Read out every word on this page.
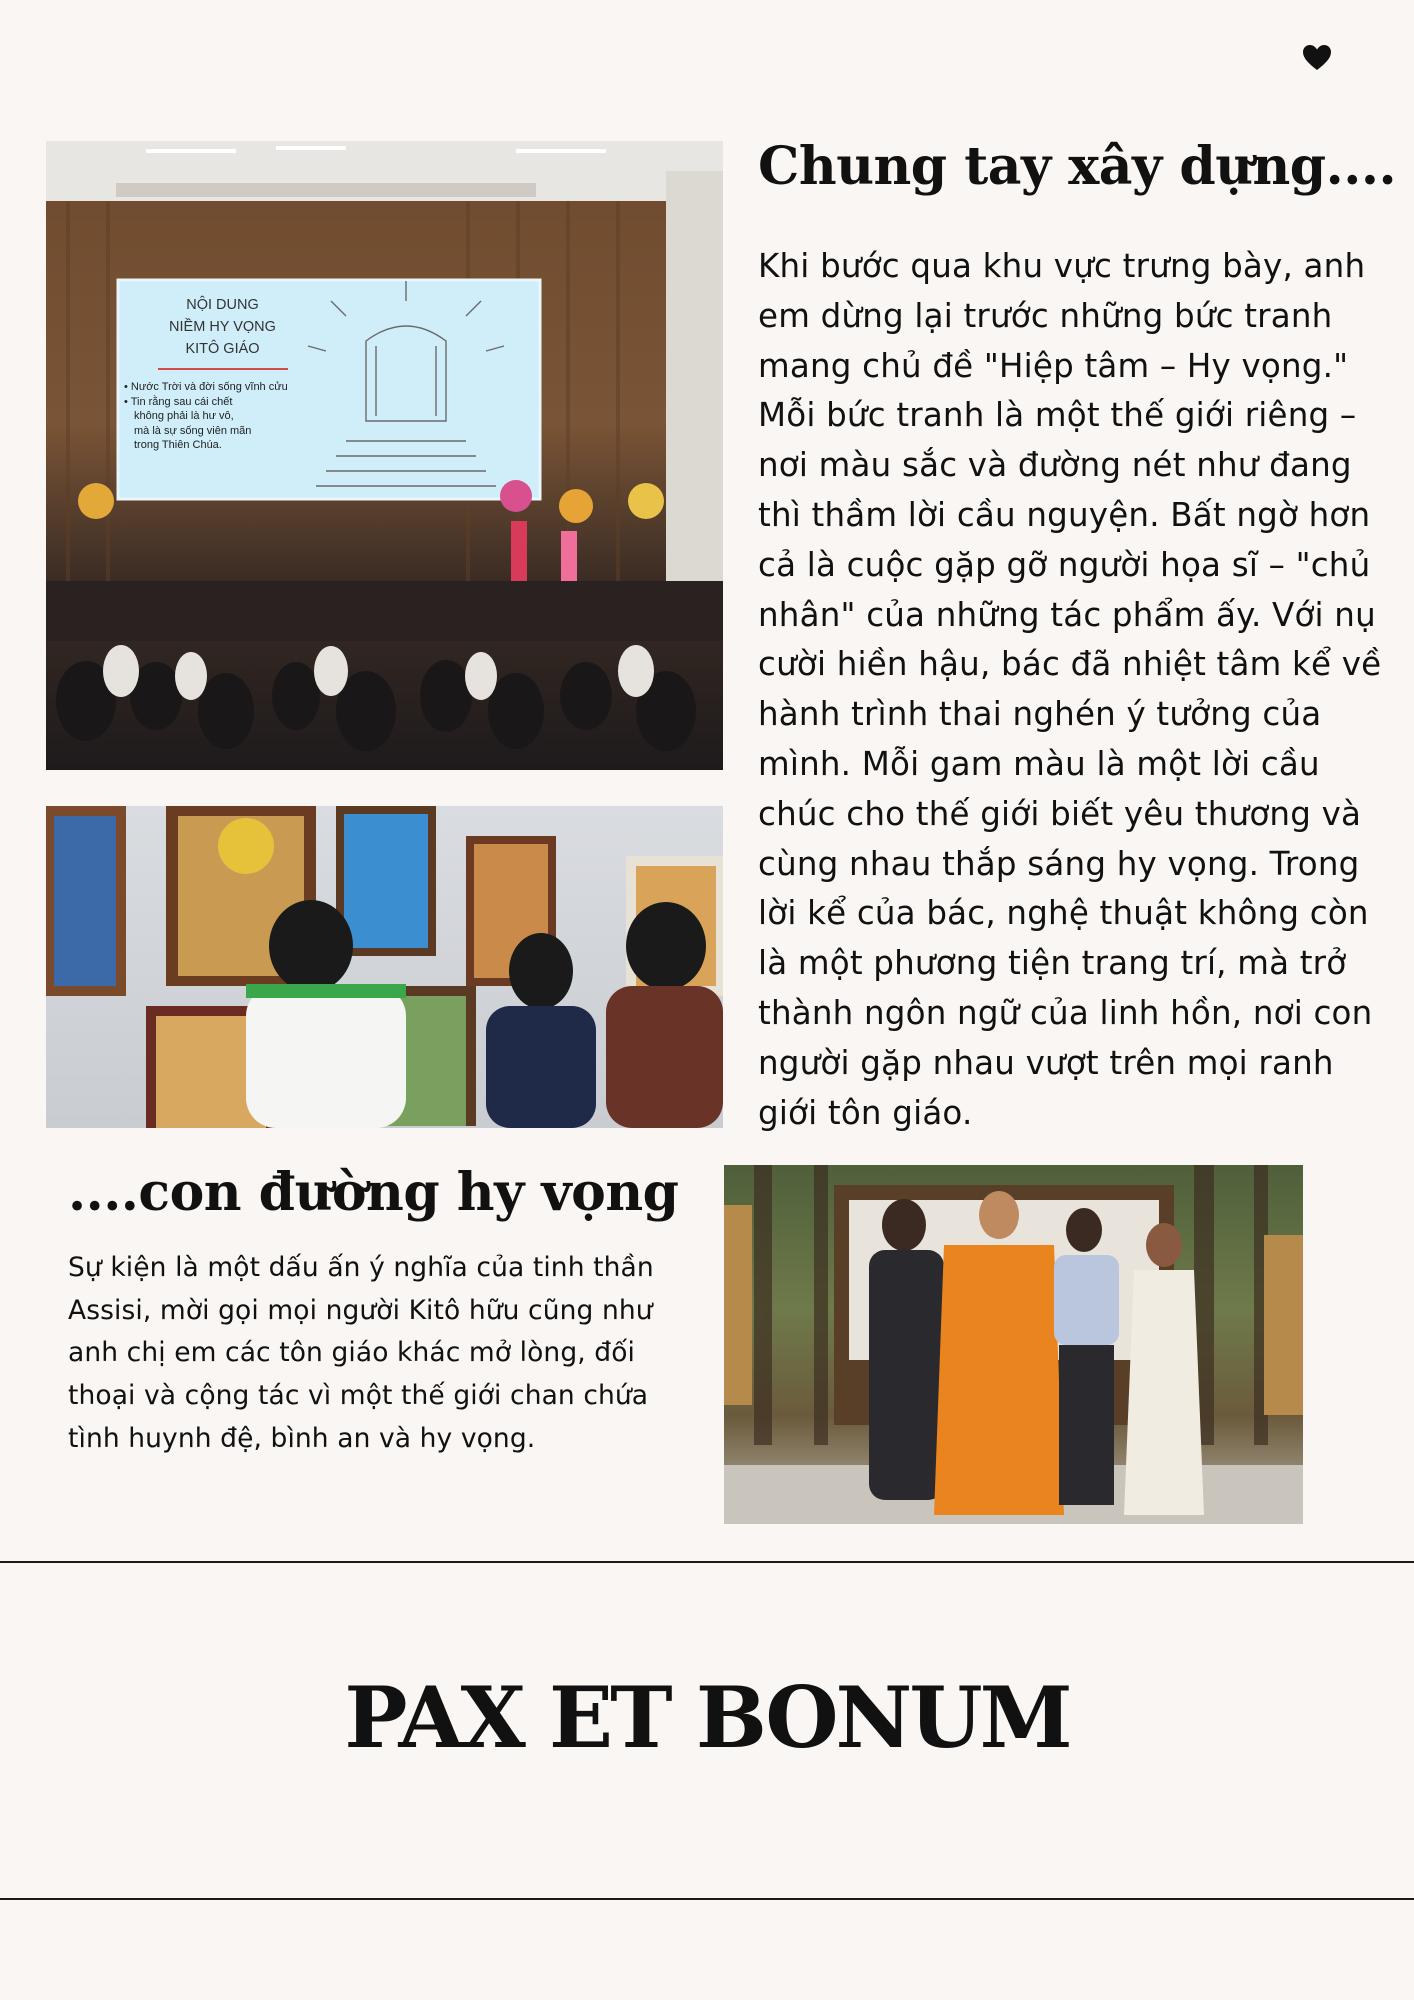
NỘI DUNG
NIỀM HY VỌNG
KITÔ GIÁO
• Nước Trời và đời sống vĩnh cửu
• Tin rằng sau cái chết
không phải là hư vô,
mà là sự sống viên mãn
trong Thiên Chúa.
Chung tay xây dựng....
Khi bước qua khu vực trưng bày, anh em dừng lại trước những bức tranh mang chủ đề "Hiệp tâm – Hy vọng." Mỗi bức tranh là một thế giới riêng – nơi màu sắc và đường nét như đang thì thầm lời cầu nguyện. Bất ngờ hơn cả là cuộc gặp gỡ người họa sĩ – "chủ nhân" của những tác phẩm ấy. Với nụ cười hiền hậu, bác đã nhiệt tâm kể về hành trình thai nghén ý tưởng của mình. Mỗi gam màu là một lời cầu chúc cho thế giới biết yêu thương và cùng nhau thắp sáng hy vọng. Trong lời kể của bác, nghệ thuật không còn là một phương tiện trang trí, mà trở thành ngôn ngữ của linh hồn, nơi con người gặp nhau vượt trên mọi ranh giới tôn giáo.
....con đường hy vọng
Sự kiện là một dấu ấn ý nghĩa của tinh thần Assisi, mời gọi mọi người Kitô hữu cũng như anh chị em các tôn giáo khác mở lòng, đối thoại và cộng tác vì một thế giới chan chứa tình huynh đệ, bình an và hy vọng.
PAX ET BONUM
